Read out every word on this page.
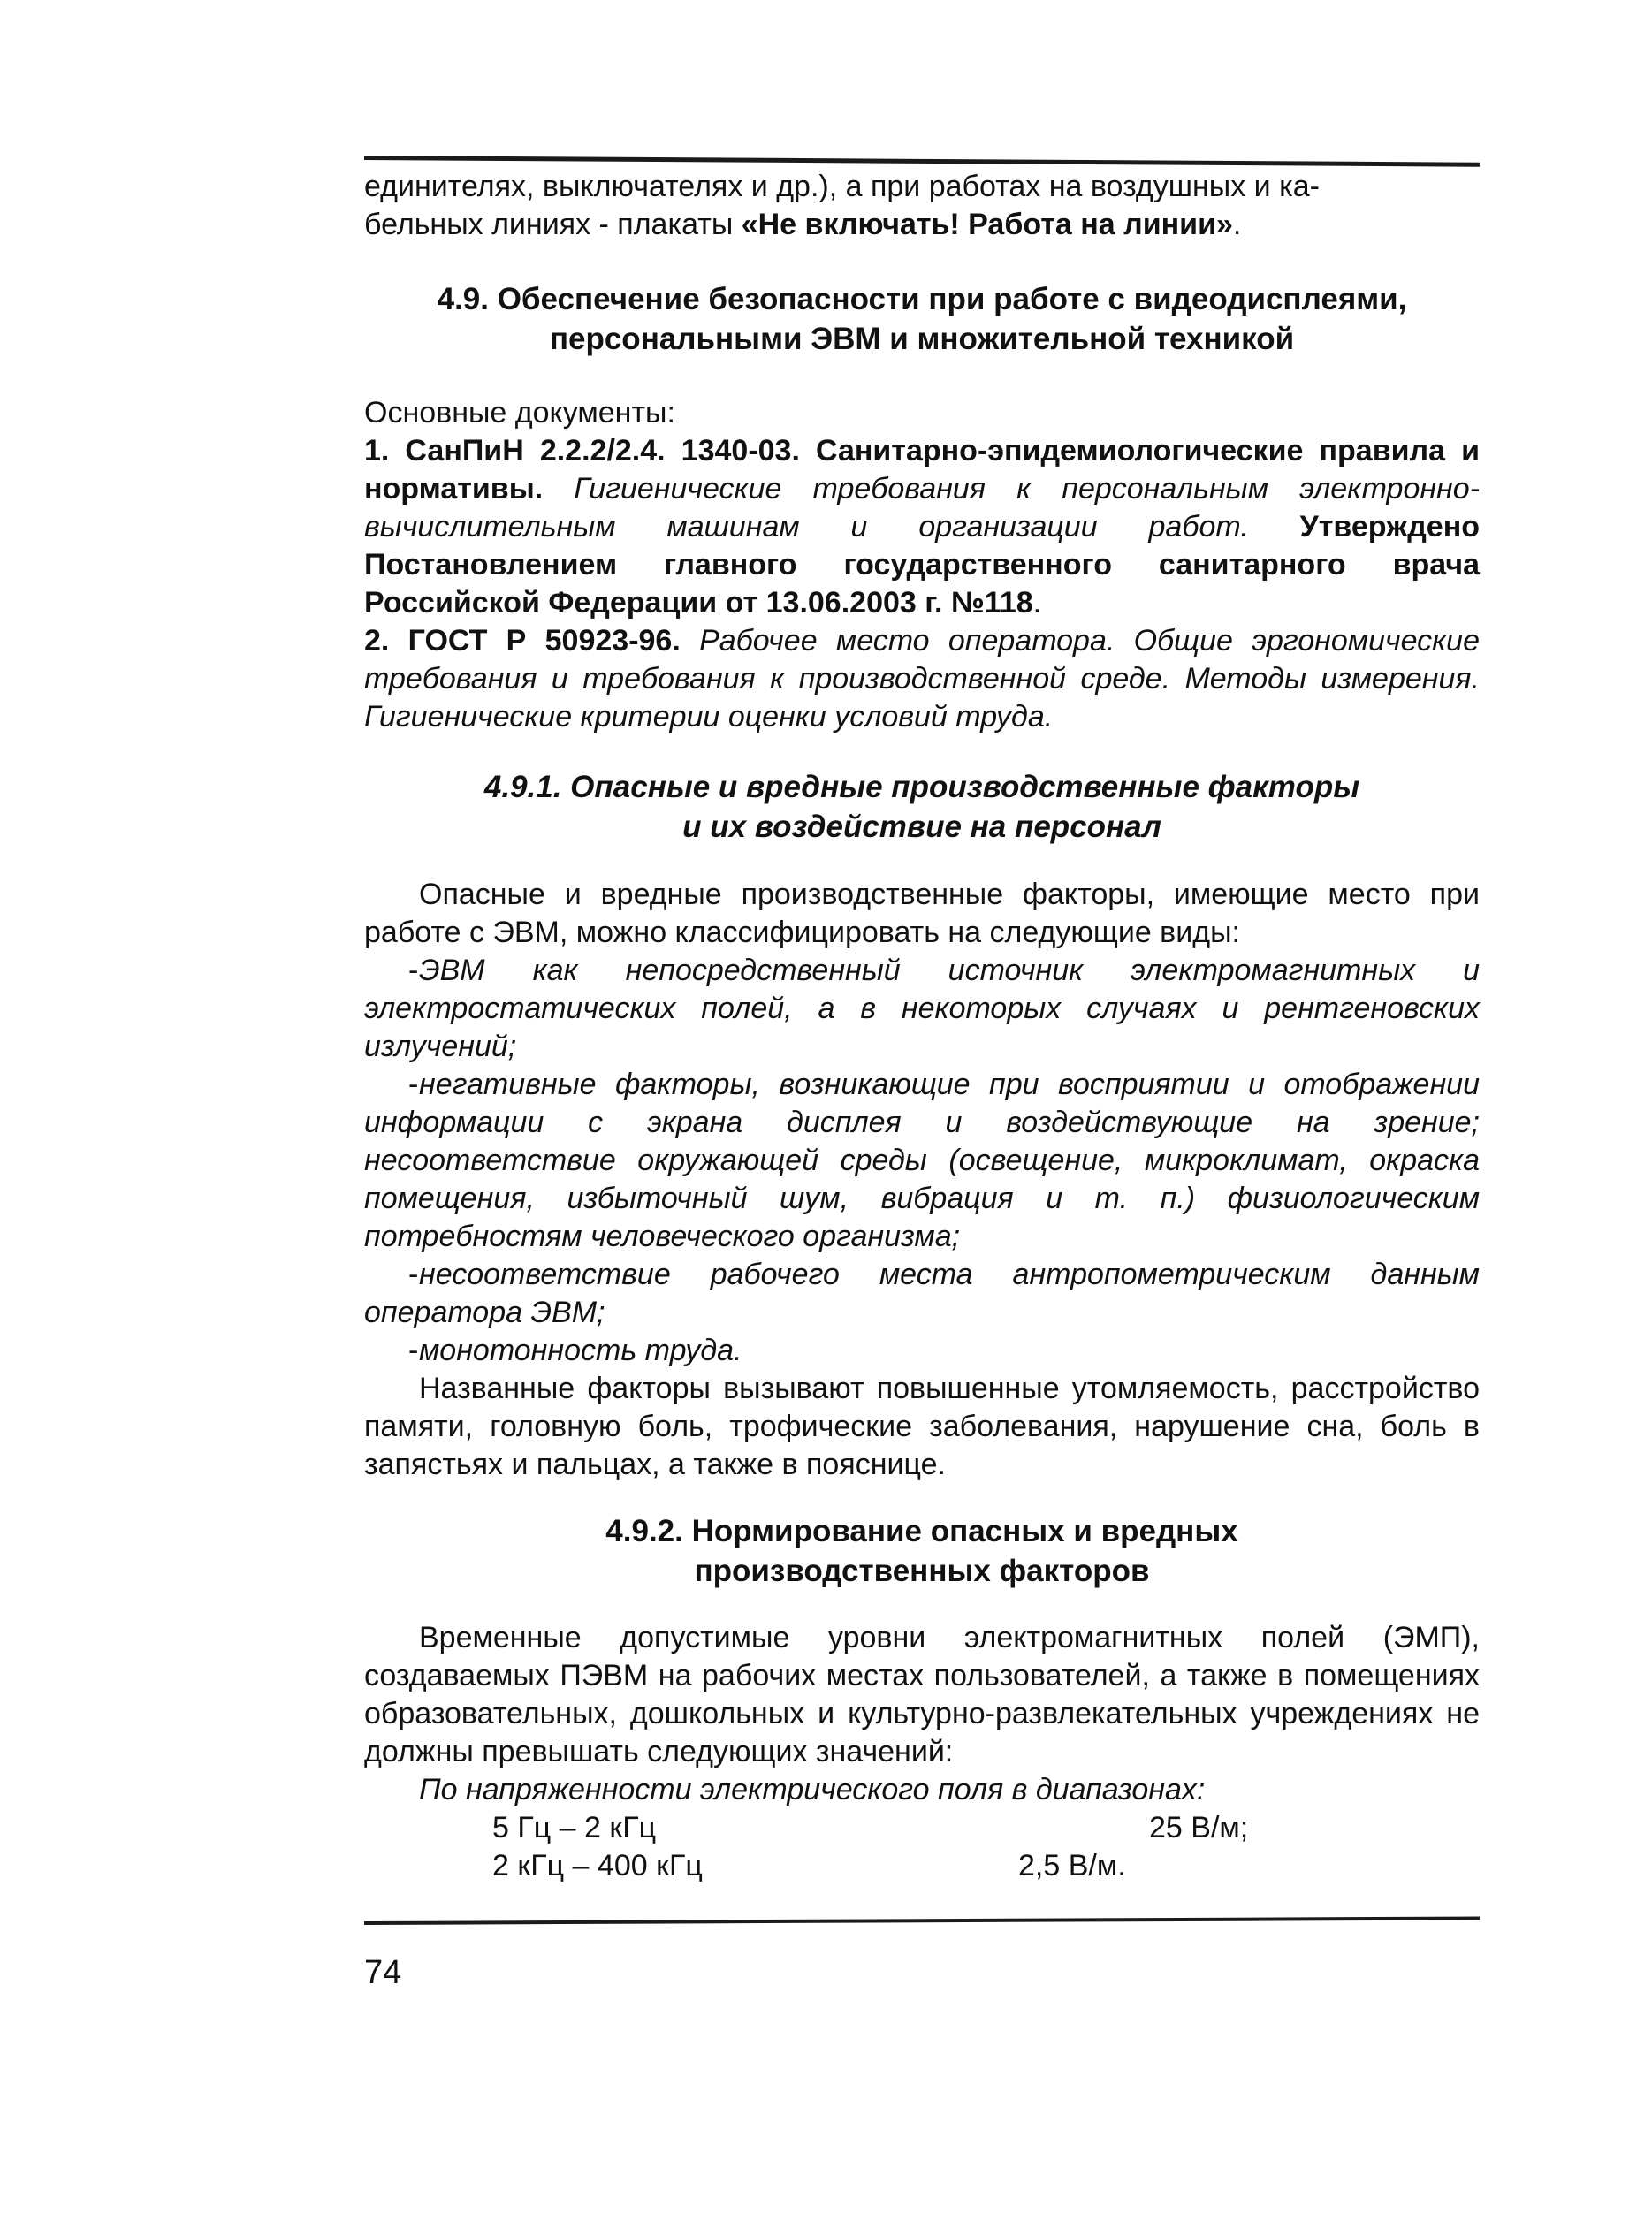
единителях, выключателях и др.), а при работах на воздушных и ка-

бельных линиях - плакаты «Не включать! Работа на линии».

4.9. Обеспечение безопасности при работе с видеодисплеями,

персональными ЭВМ и множительной техникой

Основные документы:

1. СанПиН 2.2.2/2.4. 1340-03. Санитарно-эпидемиологические правила и нормативы. Гигиенические требования к персональным электронно-вычислительным машинам и организации работ. Утверждено Постановлением главного государственного санитарного врача Российской Федерации от 13.06.2003 г. №118.

2. ГОСТ Р 50923-96. Рабочее место оператора. Общие эргономические требования и требования к производственной среде. Методы измерения. Гигиенические критерии оценки условий труда.

4.9.1. Опасные и вредные производственные факторы

и их воздействие на персонал

Опасные и вредные производственные факторы, имеющие место при работе с ЭВМ, можно классифицировать на следующие виды:

-ЭВМ как непосредственный источник электромагнитных и электростатических полей, а в некоторых случаях и рентгеновских излучений;

-негативные факторы, возникающие при восприятии и отображении информации с экрана дисплея и воздействующие на зрение; несоответствие окружающей среды (освещение, микроклимат, окраска помещения, избыточный шум, вибрация и т. п.) физиологическим потребностям человеческого организма;

-несоответствие рабочего места антропометрическим данным оператора ЭВМ;

-монотонность труда.

Названные факторы вызывают повышенные утомляемость, расстройство памяти, головную боль, трофические заболевания, нарушение сна, боль в запястьях и пальцах, а также в пояснице.

4.9.2. Нормирование опасных и вредных

производственных факторов

Временные допустимые уровни электромагнитных полей (ЭМП), создаваемых ПЭВМ на рабочих местах пользователей, а также в помещениях образовательных, дошкольных и культурно-развлекательных учреждениях не должны превышать следующих значений:

По напряженности электрического поля в диапазонах:

5 Гц – 2 кГц	25 В/м;
2 кГц – 400 кГц	2,5 В/м.
74
